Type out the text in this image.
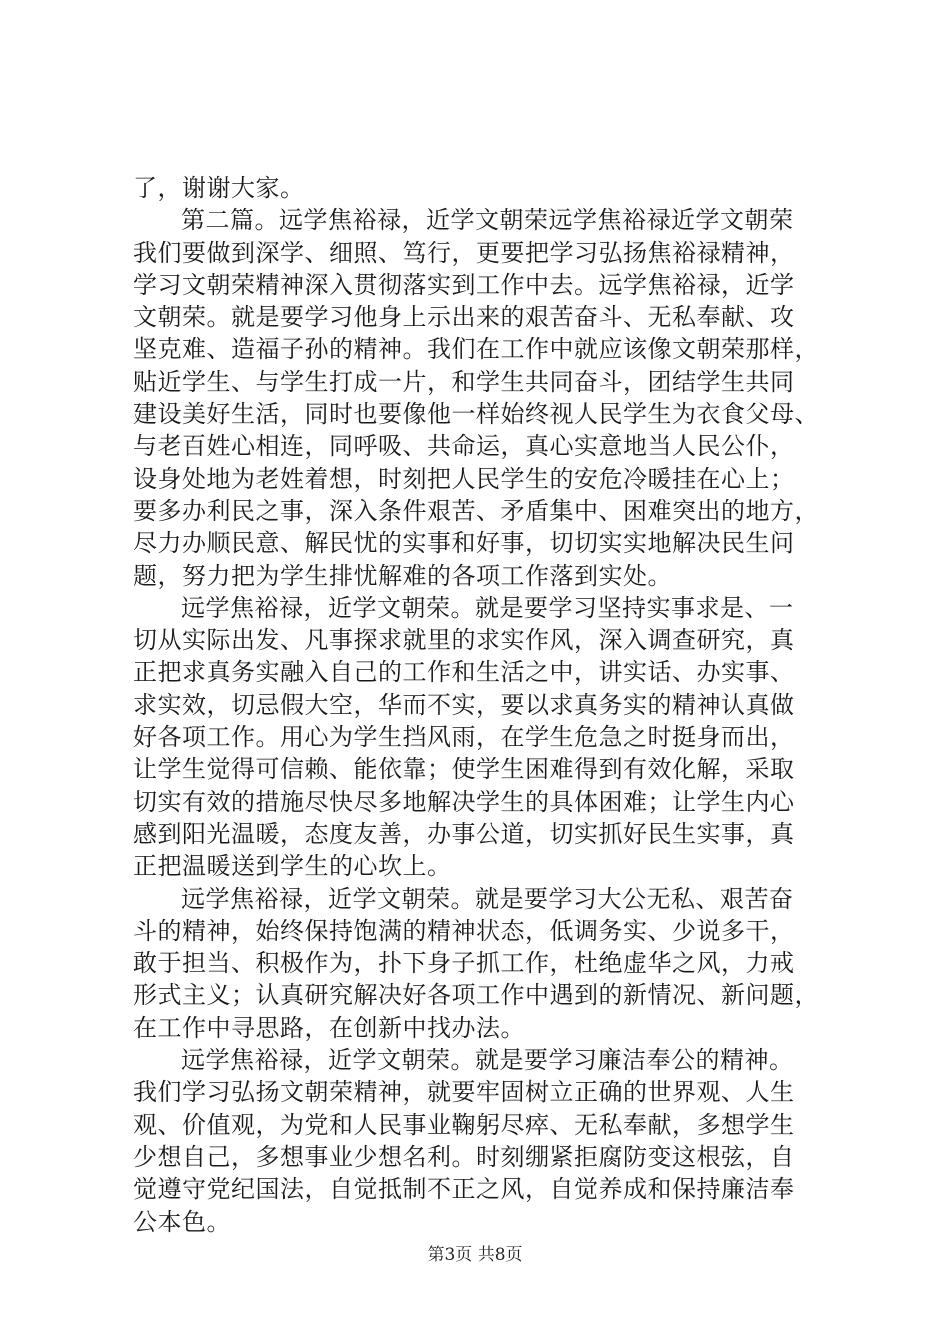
了，谢谢大家。
第二篇。远学焦裕禄，近学文朝荣远学焦裕禄近学文朝荣
我们要做到深学、细照、笃行，更要把学习弘扬焦裕禄精神，
学习文朝荣精神深入贯彻落实到工作中去。远学焦裕禄，近学
文朝荣。就是要学习他身上示出来的艰苦奋斗、无私奉献、攻
坚克难、造福子孙的精神。我们在工作中就应该像文朝荣那样，
贴近学生、与学生打成一片，和学生共同奋斗，团结学生共同
建设美好生活，同时也要像他一样始终视人民学生为衣食父母、
与老百姓心相连，同呼吸、共命运，真心实意地当人民公仆，
设身处地为老姓着想，时刻把人民学生的安危冷暖挂在心上；
要多办利民之事，深入条件艰苦、矛盾集中、困难突出的地方，
尽力办顺民意、解民忧的实事和好事，切切实实地解决民生问
题，努力把为学生排忧解难的各项工作落到实处。
远学焦裕禄，近学文朝荣。就是要学习坚持实事求是、一
切从实际出发、凡事探求就里的求实作风，深入调查研究，真
正把求真务实融入自己的工作和生活之中，讲实话、办实事、
求实效，切忌假大空，华而不实，要以求真务实的精神认真做
好各项工作。用心为学生挡风雨，在学生危急之时挺身而出，
让学生觉得可信赖、能依靠；使学生困难得到有效化解，采取
切实有效的措施尽快尽多地解决学生的具体困难；让学生内心
感到阳光温暖，态度友善，办事公道，切实抓好民生实事，真
正把温暖送到学生的心坎上。
远学焦裕禄，近学文朝荣。就是要学习大公无私、艰苦奋
斗的精神，始终保持饱满的精神状态，低调务实、少说多干，
敢于担当、积极作为，扑下身子抓工作，杜绝虚华之风，力戒
形式主义；认真研究解决好各项工作中遇到的新情况、新问题，
在工作中寻思路，在创新中找办法。
远学焦裕禄，近学文朝荣。就是要学习廉洁奉公的精神。
我们学习弘扬文朝荣精神，就要牢固树立正确的世界观、人生
观、价值观，为党和人民事业鞠躬尽瘁、无私奉献，多想学生
少想自己，多想事业少想名利。时刻绷紧拒腐防变这根弦，自
觉遵守党纪国法，自觉抵制不正之风，自觉养成和保持廉洁奉
公本色。
第3页 共8页
